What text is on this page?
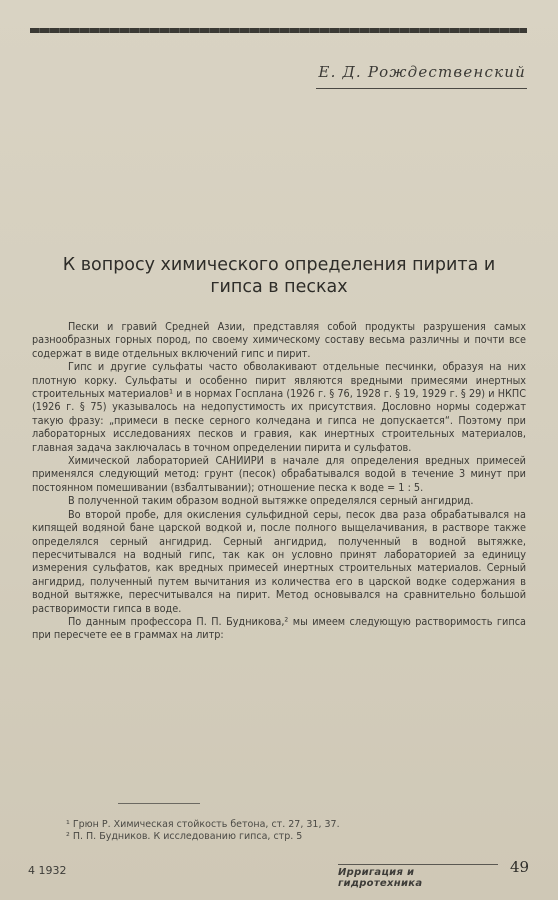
Е. Д. Рождественский
К вопросу химического определения пирита и
гипса в песках

Пески и гравий Средней Азии, представляя собой продукты разрушения самых разнообразных горных пород, по своему химическому составу весьма различны и почти все содержат в виде отдельных включений гипс и пирит.

Гипс и другие сульфаты часто обволакивают отдельные песчинки, образуя на них плотную корку. Сульфаты и особенно пирит являются вредными примесями инертных строительных материалов¹ и в нормах Госплана (1926 г. § 76, 1928 г. § 19, 1929 г. § 29) и НКПС (1926 г. § 75) указывалось на недопустимость их присутствия. Дословно нормы содержат такую фразу: „примеси в песке серного колчедана и гипса не допускается“. Поэтому при лабораторных исследованиях песков и гравия, как инертных строительных материалов, главная задача заключалась в точном определении пирита и сульфатов.

Химической лабораторией САНИИРИ в начале для определения вредных примесей применялся следующий метод: грунт (песок) обрабатывался водой в течение 3 минут при постоянном помешивании (взбалтывании); отношение песка к воде = 1 : 5.

В полученной таким образом водной вытяжке определялся серный ангидрид.

Во второй пробе, для окисления сульфидной серы, песок два раза обрабатывался на кипящей водяной бане царской водкой и, после полного выщелачивания, в растворе также определялся серный ангидрид. Серный ангидрид, полученный в водной вытяжке, пересчитывался на водный гипс, так как он условно принят лабораторией за единицу измерения сульфатов, как вредных примесей инертных строительных материалов. Серный ангидрид, полученный путем вычитания из количества его в царской водке содержания в водной вытяжке, пересчитывался на пирит. Метод основывался на сравнительно большой растворимости гипса в воде.

По данным профессора П. П. Будникова,² мы имеем следующую растворимость гипса при пересчете ее в граммах на литр:

¹ Грюн Р. Химическая стойкость бетона, ст. 27, 31, 37.
² П. П. Будников. К исследованию гипса, стр. 5
4 1932	Ирригация и гидротехника
49
